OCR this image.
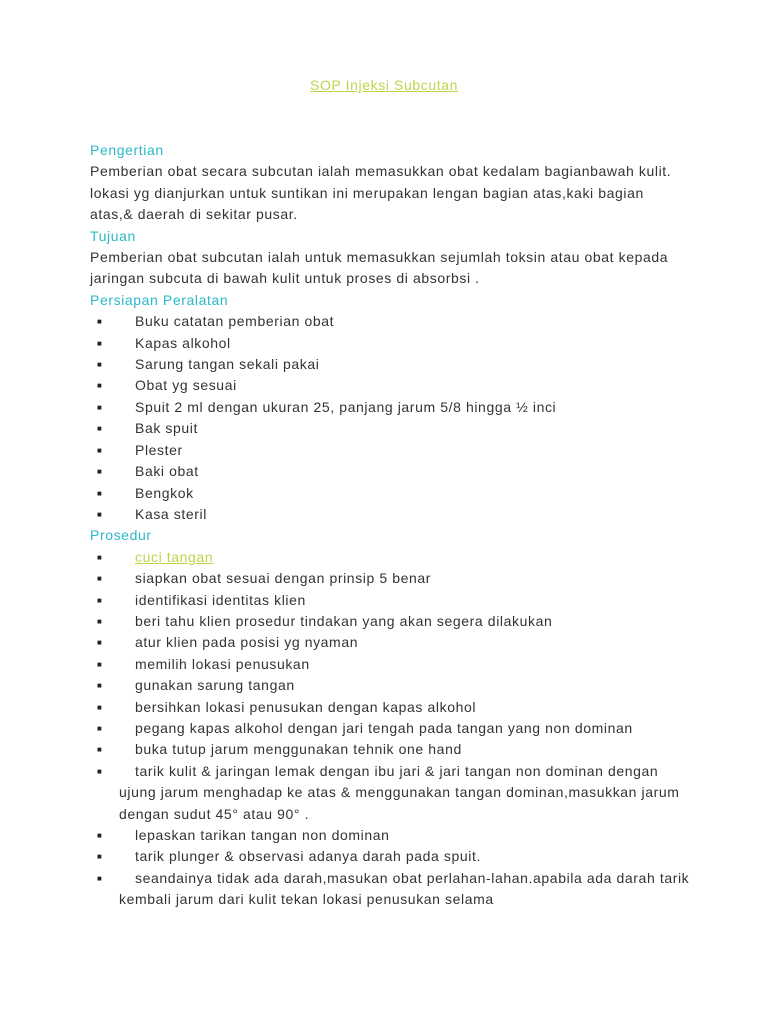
SOP Injeksi Subcutan
Pengertian

Pemberian obat secara subcutan ialah memasukkan obat kedalam bagianbawah kulit.

lokasi yg dianjurkan untuk suntikan ini merupakan lengan bagian atas,kaki bagian atas,& daerah di sekitar pusar.

Tujuan

Pemberian obat subcutan ialah untuk memasukkan sejumlah toksin atau obat kepada jaringan subcuta di bawah kulit untuk proses di absorbsi .

Persiapan Peralatan
■ Buku catatan pemberian obat
■ Kapas alkohol
■ Sarung tangan sekali pakai
■ Obat yg sesuai
■ Spuit 2 ml dengan ukuran 25, panjang jarum 5/8 hingga ½ inci
■ Bak spuit
■ Plester
■ Baki obat
■ Bengkok
■ Kasa steril
Prosedur
■ cuci tangan
■ siapkan obat sesuai dengan prinsip 5 benar
■ identifikasi identitas klien
■ beri tahu klien prosedur tindakan yang akan segera dilakukan
■ atur klien pada posisi yg nyaman
■ memilih lokasi penusukan
■ gunakan sarung tangan
■ bersihkan lokasi penusukan dengan kapas alkohol
■ pegang kapas alkohol dengan jari tengah pada tangan yang non dominan
■ buka tutup jarum menggunakan tehnik one hand
■ tarik kulit & jaringan lemak dengan ibu jari & jari tangan non dominan dengan ujung jarum menghadap ke atas & menggunakan tangan dominan,masukkan jarum dengan sudut 45° atau 90° .
■ lepaskan tarikan tangan non dominan
■ tarik plunger & observasi adanya darah pada spuit.
■ seandainya tidak ada darah,masukan obat perlahan-lahan.apabila ada darah tarik kembali jarum dari kulit tekan lokasi penusukan selama
